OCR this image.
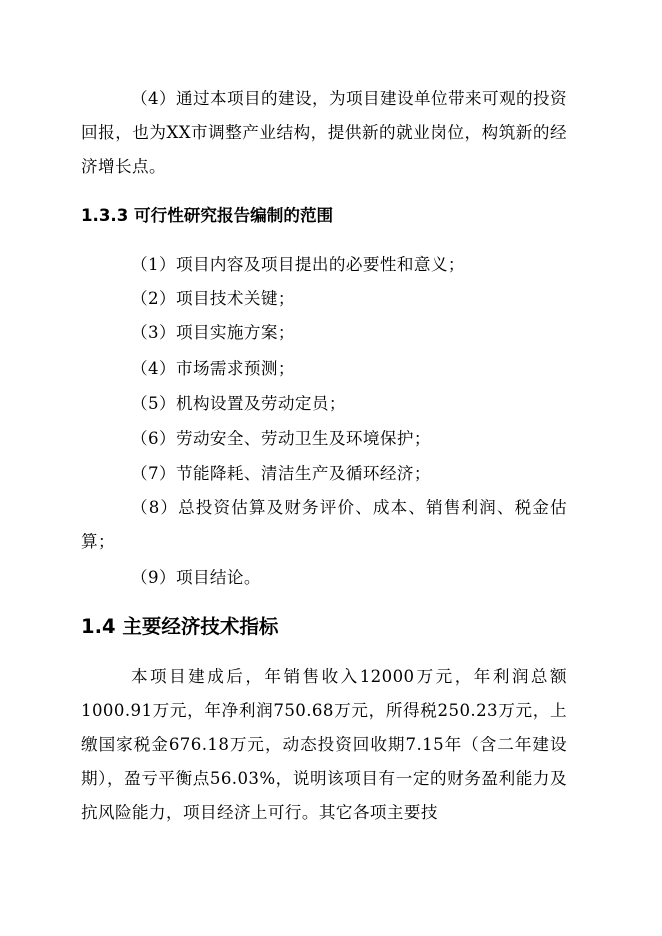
（4）通过本项目的建设，为项目建设单位带来可观的投资回报，也为XX市调整产业结构，提供新的就业岗位，构筑新的经济增长点。

1.3.3 可行性研究报告编制的范围

（1）项目内容及项目提出的必要性和意义；

（2）项目技术关键；

（3）项目实施方案；

（4）市场需求预测；

（5）机构设置及劳动定员；

（6）劳动安全、劳动卫生及环境保护；

（7）节能降耗、清洁生产及循环经济；

（8）总投资估算及财务评价、成本、销售利润、税金估算；

（9）项目结论。

1.4 主要经济技术指标

本项目建成后，年销售收入12000万元，年利润总额1000.91万元，年净利润750.68万元，所得税250.23万元，上缴国家税金676.18万元，动态投资回收期7.15年（含二年建设期），盈亏平衡点56.03%，说明该项目有一定的财务盈利能力及抗风险能力，项目经济上可行。其它各项主要技
